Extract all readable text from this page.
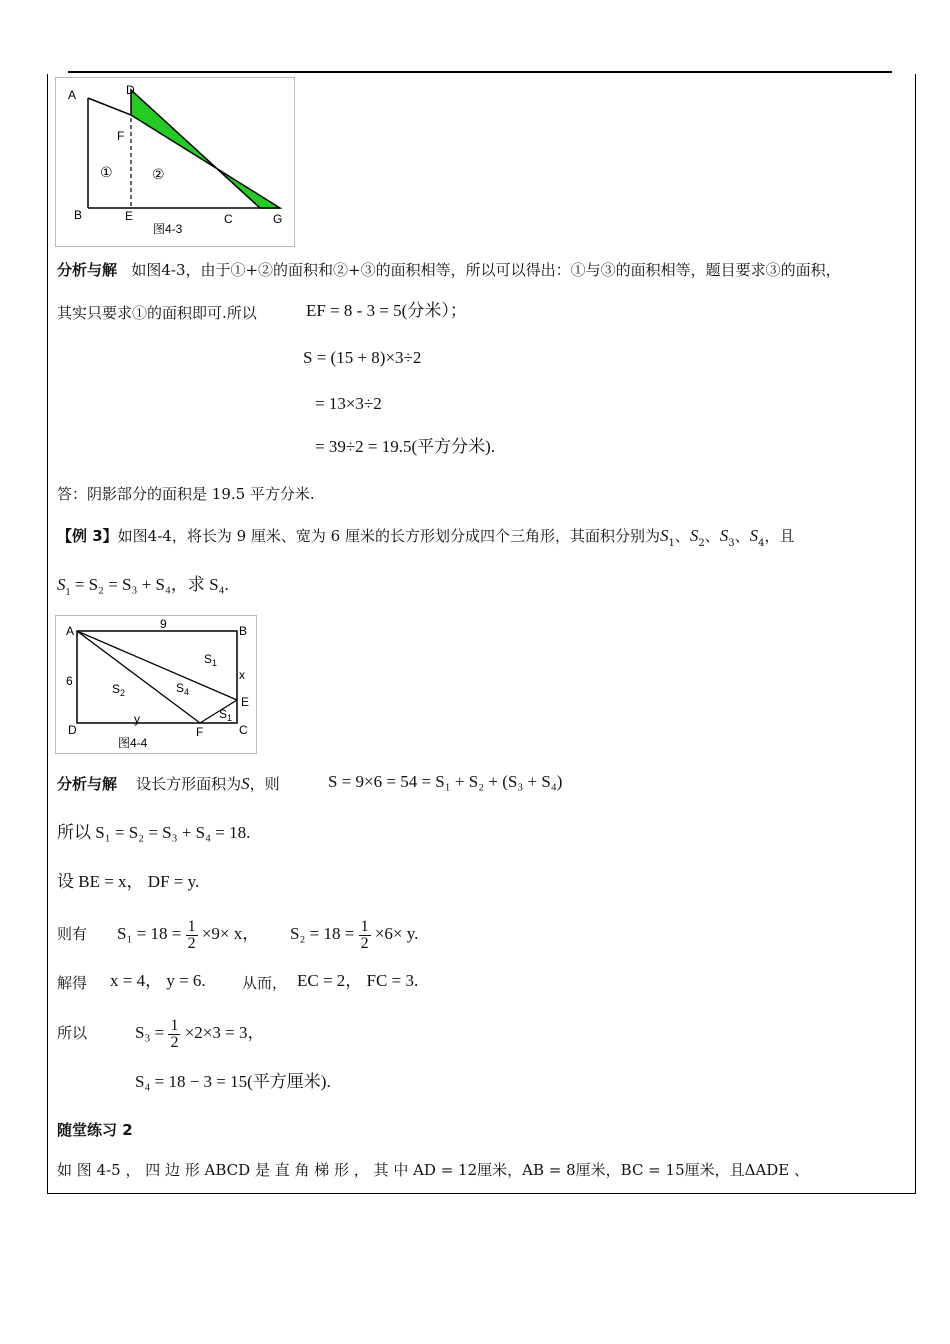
A	D
F
B	E	C	G
①	②
图4-3
分析与解 如图4-3，由于①+②的面积和②+③的面积相等，所以可以得出：①与③的面积相等，题目要求③的面积，
其实只要求①的面积即可.所以	EF = 8 - 3 = 5(分米）；
S = (15 + 8)×3÷2
= 13×3÷2
= 39÷2 = 19.5(平方分米).
答：阴影部分的面积是 19.5 平方分米.
【例 3】如图4-4，将长为 9 厘米、宽为 6 厘米的长方形划分成四个三角形，其面积分别为$S_1$、$S_2$、$S_3$、$S_4$，且
$S_1 = S_2 = S_3 + S_4$，求 S₄.
A	B
C
D
E
F
9
6	x
y
$S_1$
$S_2$	$S_4$
$S_1$
图4-4
分析与解 设长方形面积为S，则	S = 9×6 = 54 = S₁ + S₂ + (S₃ + S₄)
所以 S₁ = S₂ = S₃ + S₄ = 18.
设 BE = x， DF = y.
则有 $S_1 = 18 = \frac{1}{2} \times 9\times x$， $S_2 = 18 = \frac{1}{2} \times 6\times y$.
解得 x = 4， y = 6. 从而， EC = 2， FC = 3.
所以	$S_3 = \frac{1}{2} \times 2\times 3 = 3$，
S₄ = 18 − 3 = 15(平方厘米).
随堂练习 2
如 图 4-5 ， 四 边 形 ABCD 是 直 角 梯 形 ， 其 中 AD = 12厘米，AB = 8厘米，BC = 15厘米，且ΔADE 、
